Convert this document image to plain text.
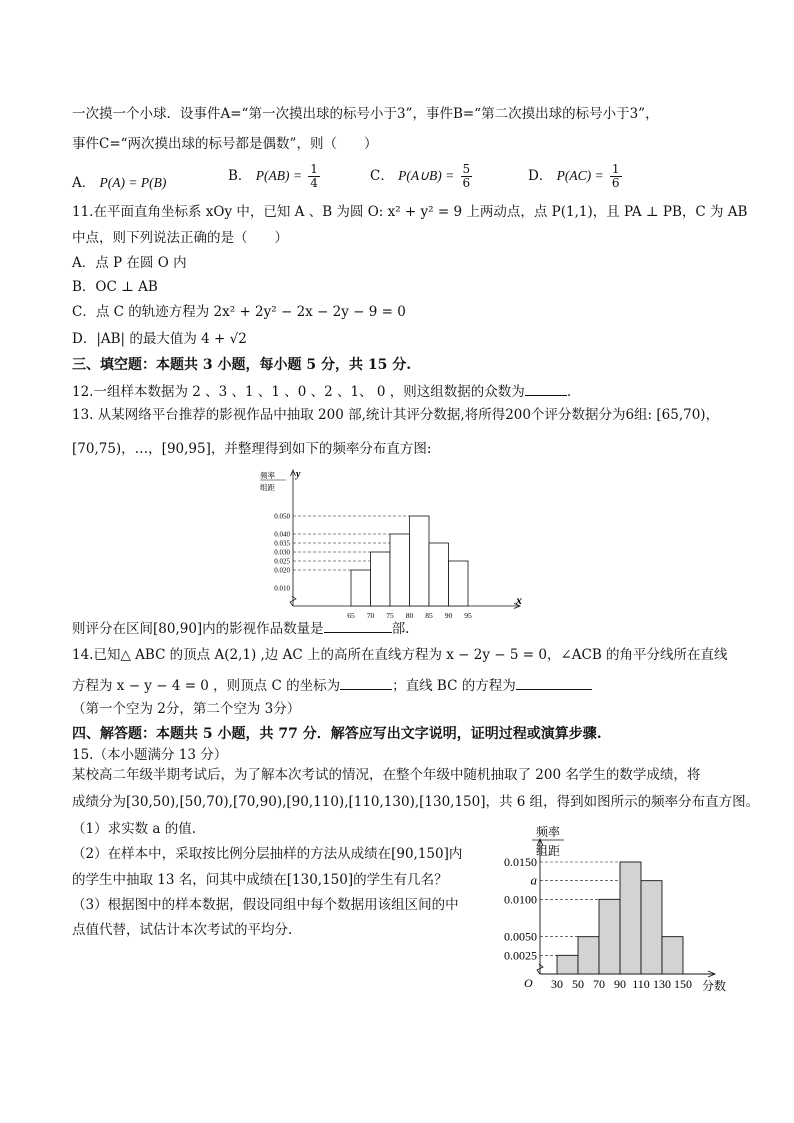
一次摸一个小球．设事件A=“第一次摸出球的标号小于3”，事件B=“第二次摸出球的标号小于3”，
事件C=“两次摸出球的标号都是偶数”，则（　　）
A． P(A) = P(B)	B． $P(AB) = \frac{1}{4}$	C． P(A∪B) = $\frac{5}{6}$	D． $P(AC) = \frac{1}{6}$
11.在平面直角坐标系 xOy 中，已知 A 、B 为圆 O: x² + y² = 9 上两动点，点 P(1,1)，且 PA ⊥ PB，C 为 AB
中点，则下列说法正确的是（　　）
A．点 P 在圆 O 内
B．OC ⊥ AB
C．点 C 的轨迹方程为 2x² + 2y² − 2x − 2y − 9 = 0
D．|AB| 的最大值为 4 + √2
三、填空题：本题共 3 小题，每小题 5 分，共 15 分.
12.一组样本数据为 2 、3 、1 、1 、0 、2 、1、 0 ，则这组数据的众数为	.
13. 从某网络平台推荐的影视作品中抽取 200 部,统计其评分数据,将所得200个评分数据分为6组: [65,70)，
[70,75)，…，[90,95]，并整理得到如下的频率分布直方图:
频率
组距
y
x
0.050
0.040
0.035
0.030
0.025
0.020
0.010
65 70 75 80 85 90 95
则评分在区间[80,90]内的影视作品数量是	部.
14.已知△ ABC 的顶点 A(2,1) ,边 AC 上的高所在直线方程为 x − 2y − 5 = 0，∠ACB 的角平分线所在直线
方程为 x − y − 4 = 0 ，则顶点 C 的坐标为	；直线 BC 的方程为
（第一个空为 2分，第二个空为 3分）
四、解答题：本题共 5 小题，共 77 分．解答应写出文字说明，证明过程或演算步骤.
15.（本小题满分 13 分）
某校高二年级半期考试后，为了解本次考试的情况，在整个年级中随机抽取了 200 名学生的数学成绩，将
成绩分为[30,50),[50,70),[70,90),[90,110),[110,130),[130,150]，共 6 组，得到如图所示的频率分布直方图。
（1）求实数 a 的值.
（2）在样本中，采取按比例分层抽样的方法从成绩在[90,150]内
的学生中抽取 13 名，问其中成绩在[130,150]的学生有几名？
（3）根据图中的样本数据，假设同组中每个数据用该组区间的中
点值代替，试估计本次考试的平均分.
频率
组距
O
0.0150
a
0.0100
0.0050
0.0025
30 50 70 90 110 130 150 分数
